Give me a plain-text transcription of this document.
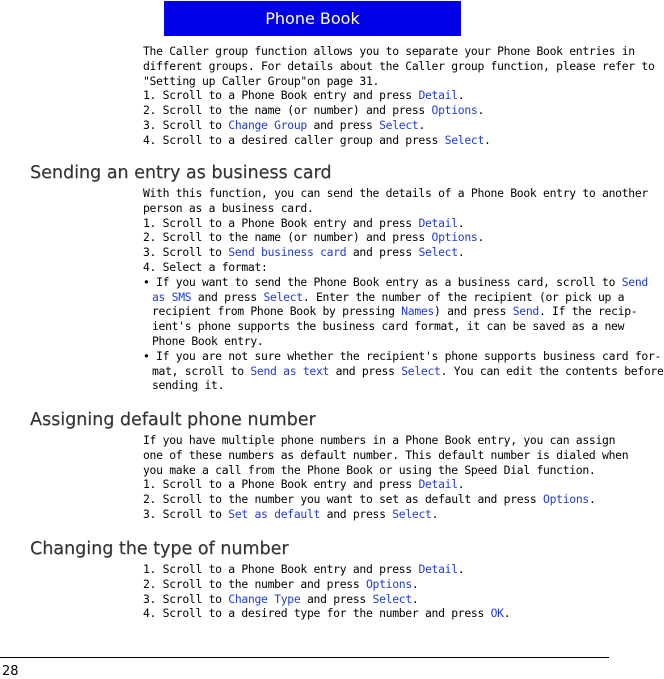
Phone Book

The Caller group function allows you to separate your Phone Book entries in

different groups. For details about the Caller group function, please refer to

"Setting up Caller Group"on page 31.

1. Scroll to a Phone Book entry and press Detail.

2. Scroll to the name (or number) and press Options.

3. Scroll to Change Group and press Select.

4. Scroll to a desired caller group and press Select.

Sending an entry as business card

With this function, you can send the details of a Phone Book entry to another

person as a business card.

1. Scroll to a Phone Book entry and press Detail.

2. Scroll to the name (or number) and press Options.

3. Scroll to Send business card and press Select.

4. Select a format:

• If you want to send the Phone Book entry as a business card, scroll to Send

as SMS and press Select. Enter the number of the recipient (or pick up a

recipient from Phone Book by pressing Names) and press Send. If the recip-

ient's phone supports the business card format, it can be saved as a new

Phone Book entry.

• If you are not sure whether the recipient's phone supports business card for-

mat, scroll to Send as text and press Select. You can edit the contents before

sending it.

Assigning default phone number

If you have multiple phone numbers in a Phone Book entry, you can assign

one of these numbers as default number. This default number is dialed when

you make a call from the Phone Book or using the Speed Dial function.

1. Scroll to a Phone Book entry and press Detail.

2. Scroll to the number you want to set as default and press Options.

3. Scroll to Set as default and press Select.

Changing the type of number

1. Scroll to a Phone Book entry and press Detail.

2. Scroll to the number and press Options.

3. Scroll to Change Type and press Select.

4. Scroll to a desired type for the number and press OK.

28
